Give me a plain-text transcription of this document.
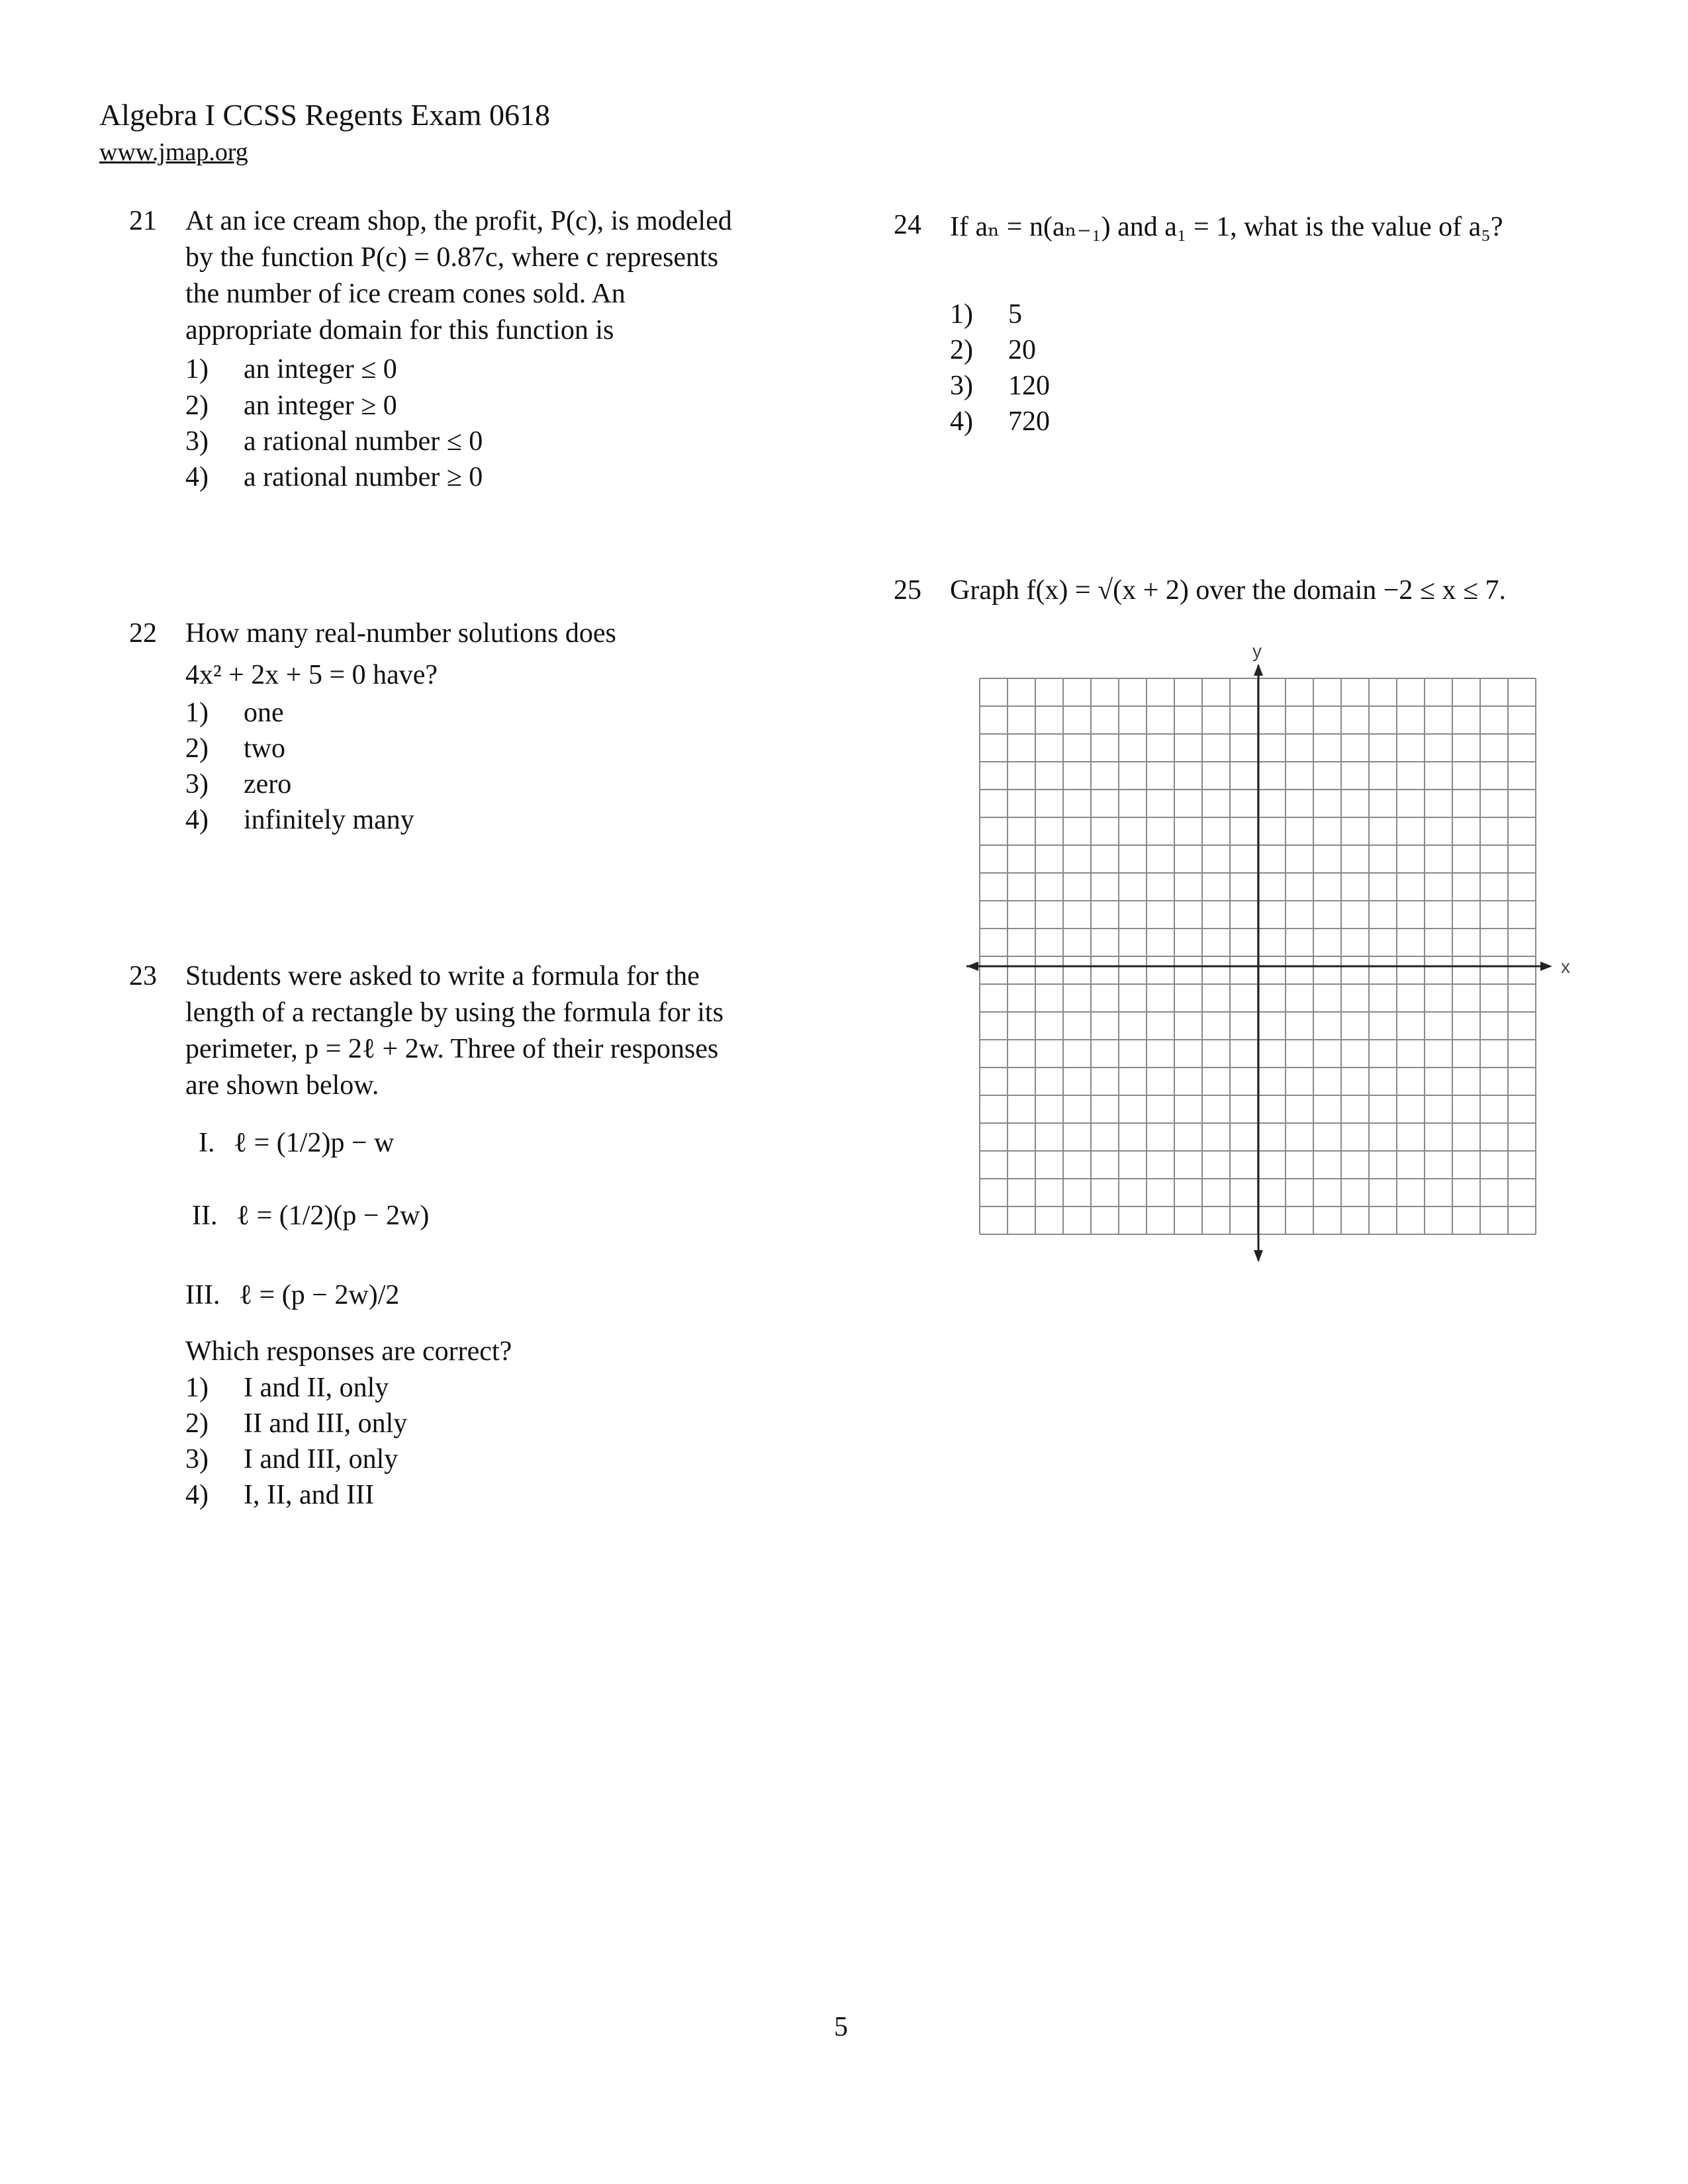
Algebra I CCSS Regents Exam 0618
www.jmap.org
21 At an ice cream shop, the profit, P(c), is modeled
by the function P(c) = 0.87c, where c represents
the number of ice cream cones sold. An
appropriate domain for this function is
1) an integer ≤ 0
2) an integer ≥ 0
3) a rational number ≤ 0
4) a rational number ≥ 0
22 How many real-number solutions does
4x² + 2x + 5 = 0 have?
1) one
2) two
3) zero
4) infinitely many
23 Students were asked to write a formula for the
length of a rectangle by using the formula for its
perimeter, p = 2ℓ + 2w. Three of their responses
are shown below.
I. ℓ = (1/2)p − w
II. ℓ = (1/2)(p − 2w)
III. ℓ = (p − 2w)/2
Which responses are correct?
1) I and II, only
2) II and III, only
3) I and III, only
4) I, II, and III
24 If aₙ = n(aₙ₋₁) and a₁ = 1, what is the value of a₅?
1) 5
2) 20
3) 120
4) 720
25 Graph f(x) = √(x + 2) over the domain −2 ≤ x ≤ 7.
x
y
5
